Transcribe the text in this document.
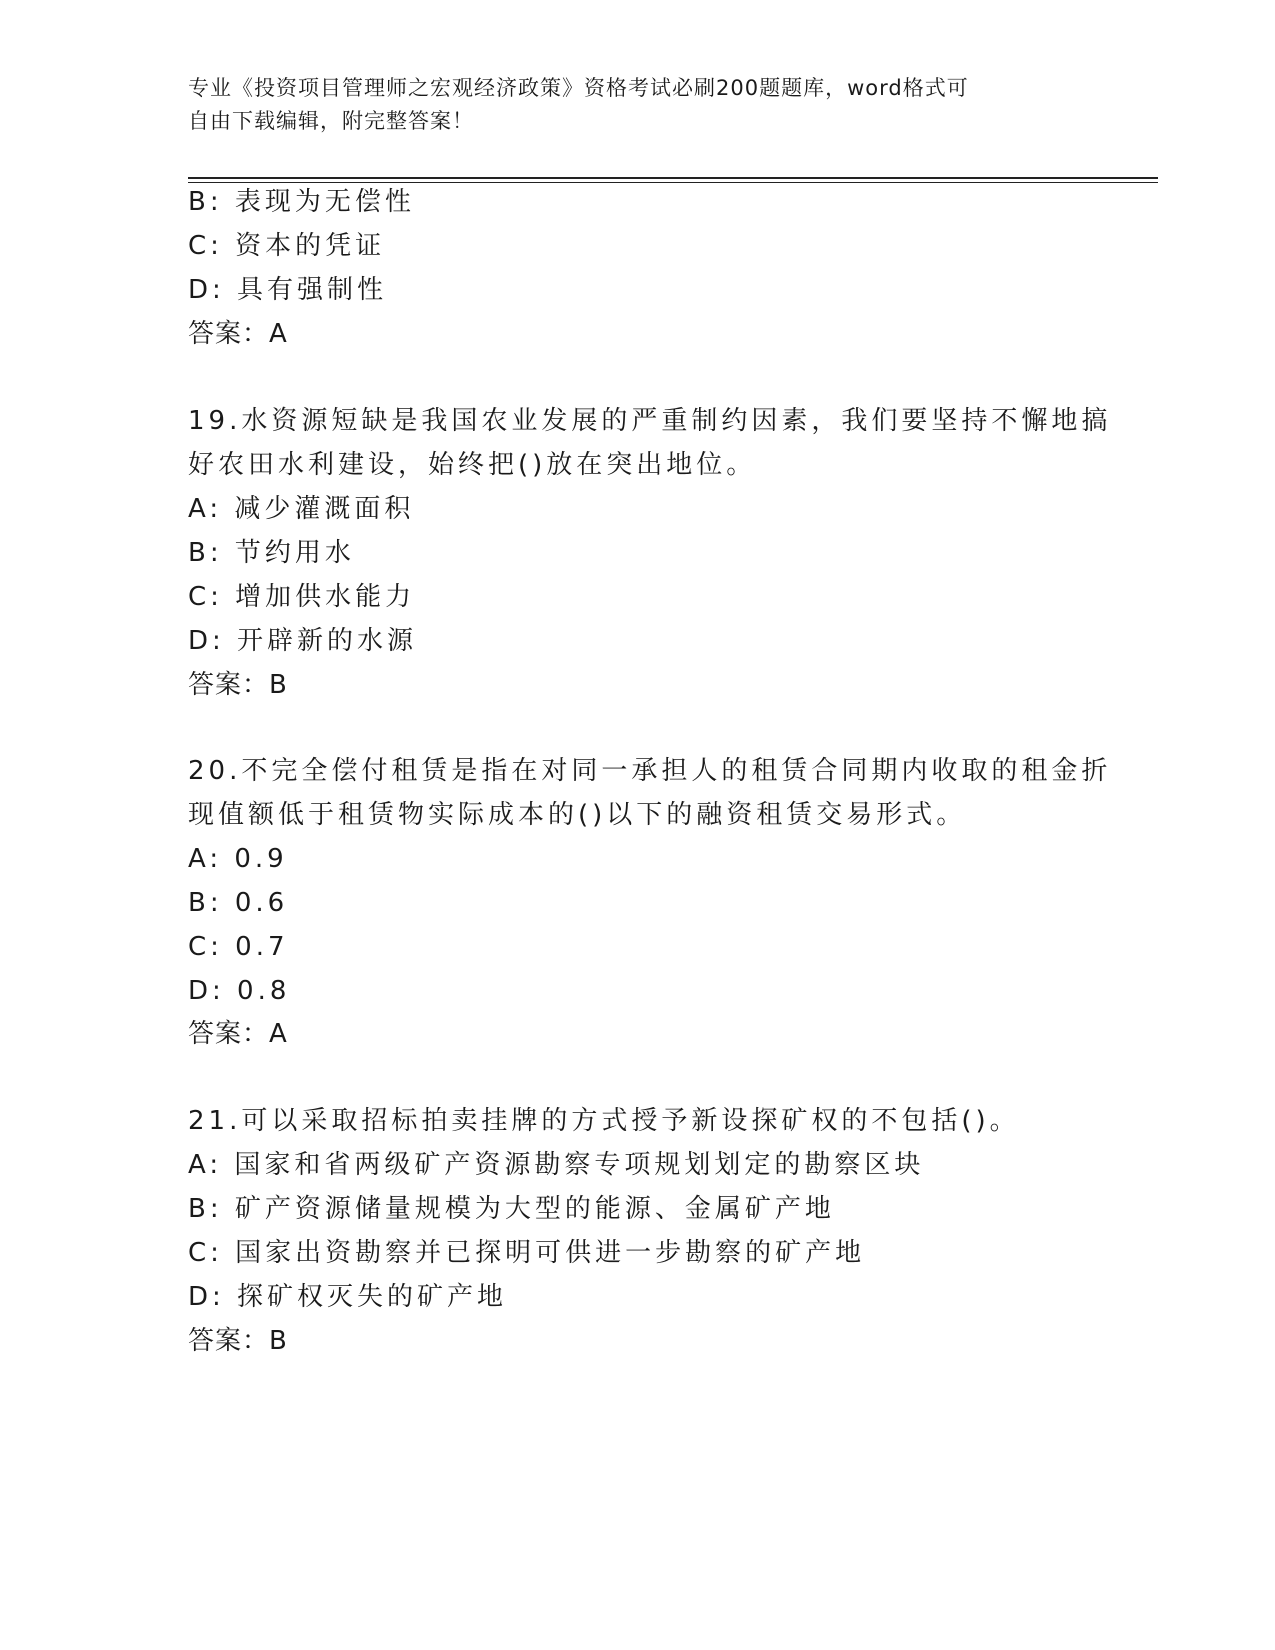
专业《投资项目管理师之宏观经济政策》资格考试必刷200题题库，word格式可
自由下载编辑，附完整答案！
B: 表现为无偿性
C: 资本的凭证
D: 具有强制性
答案：A
19.水资源短缺是我国农业发展的严重制约因素，我们要坚持不懈地搞
好农田水利建设，始终把()放在突出地位。
A: 减少灌溉面积
B: 节约用水
C: 增加供水能力
D: 开辟新的水源
答案：B
20.不完全偿付租赁是指在对同一承担人的租赁合同期内收取的租金折
现值额低于租赁物实际成本的()以下的融资租赁交易形式。
A: 0.9
B: 0.6
C: 0.7
D: 0.8
答案：A
21.可以采取招标拍卖挂牌的方式授予新设探矿权的不包括()。
A: 国家和省两级矿产资源勘察专项规划划定的勘察区块
B: 矿产资源储量规模为大型的能源、金属矿产地
C: 国家出资勘察并已探明可供进一步勘察的矿产地
D: 探矿权灭失的矿产地
答案：B
